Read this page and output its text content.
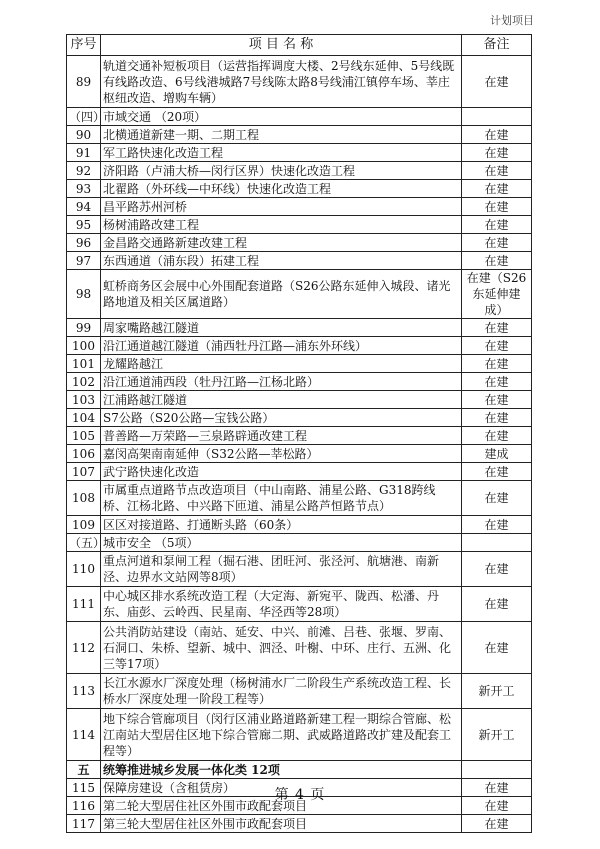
计划项目
序号	项 目 名 称	备注
89	轨道交通补短板项目（运营指挥调度大楼、2号线东延伸、5号线既有线路改造、6号线港城路7号线陈太路8号线浦江镇停车场、莘庄枢纽改造、增购车辆）	在建
（四）	市域交通 （20项）	
90	北横通道新建一期、二期工程	在建
91	军工路快速化改造工程	在建
92	济阳路（卢浦大桥—闵行区界）快速化改造工程	在建
93	北翟路（外环线—中环线）快速化改造工程	在建
94	昌平路苏州河桥	在建
95	杨树浦路改建工程	在建
96	金昌路交通路新建改建工程	在建
97	东西通道（浦东段）拓建工程	在建
98	虹桥商务区会展中心外围配套道路（S26公路东延伸入城段、诸光路地道及相关区属道路）	在建（S26东延伸建成）
99	周家嘴路越江隧道	在建
100	沿江通道越江隧道（浦西牡丹江路—浦东外环线）	在建
101	龙耀路越江	在建
102	沿江通道浦西段（牡丹江路—江杨北路）	在建
103	江浦路越江隧道	在建
104	S7公路（S20公路—宝钱公路）	在建
105	普善路—万荣路—三泉路辟通改建工程	在建
106	嘉闵高架南南延伸（S32公路—莘松路）	建成
107	武宁路快速化改造	在建
108	市属重点道路节点改造项目（中山南路、浦星公路、G318跨线桥、江杨北路、中兴路下匝道、浦星公路芦恒路节点）	在建
109	区区对接道路、打通断头路（60条）	在建
（五）	城市安全 （5项）	
110	重点河道和泵闸工程（掘石港、团旺河、张泾河、航塘港、南新泾、边界水文站网等8项）	在建
111	中心城区排水系统改造工程（大定海、新宛平、陇西、松潘、丹东、庙彭、云岭西、民星南、华泾西等28项）	在建
112	公共消防站建设（南站、延安、中兴、前滩、吕巷、张堰、罗南、石洞口、朱桥、望新、城中、泗泾、叶榭、中环、庄行、五洲、化三等17项）	在建
113	长江水源水厂深度处理（杨树浦水厂二阶段生产系统改造工程、长桥水厂深度处理一阶段工程等）	新开工
114	地下综合管廊项目（闵行区浦业路道路新建工程一期综合管廊、松江南站大型居住区地下综合管廊二期、武威路道路改扩建及配套工程等）	新开工
五	统筹推进城乡发展一体化类 12项	
115	保障房建设（含租赁房）	在建
116	第二轮大型居住社区外围市政配套项目	在建
117	第三轮大型居住社区外围市政配套项目	在建
第 4 页
